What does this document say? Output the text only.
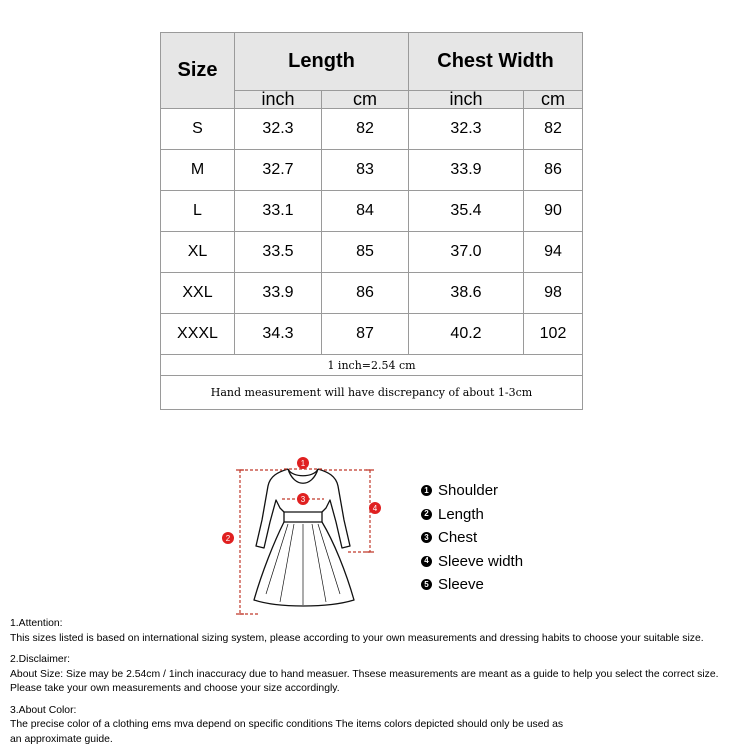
Size	Length		Chest Width	
	inch	cm	inch	cm
S	32.3	82	32.3	82
M	32.7	83	33.9	86
L	33.1	84	35.4	90
XL	33.5	85	37.0	94
XXL	33.9	86	38.6	98
XXXL	34.3	87	40.2	102
1 inch=2.54 cm				
Hand measurement will have discrepancy of about 1-3cm				
1
2
3
4
1 Shoulder
2 Length
3 Chest
4 Sleeve width
5 Sleeve
1.Attention:
This sizes listed is based on international sizing system, please according to your own measurements and dressing habits to choose your suitable size.
2.Disclaimer:
About Size: Size may be 2.54cm / 1inch inaccuracy due to hand measuer. Thsese measurements are meant as a guide to help you select the correct size.
Please take your own measurements and choose your size accordingly.
3.About Color:
The precise color of a clothing ems mva depend on specific conditions The items colors depicted should only be used as
an approximate guide.
